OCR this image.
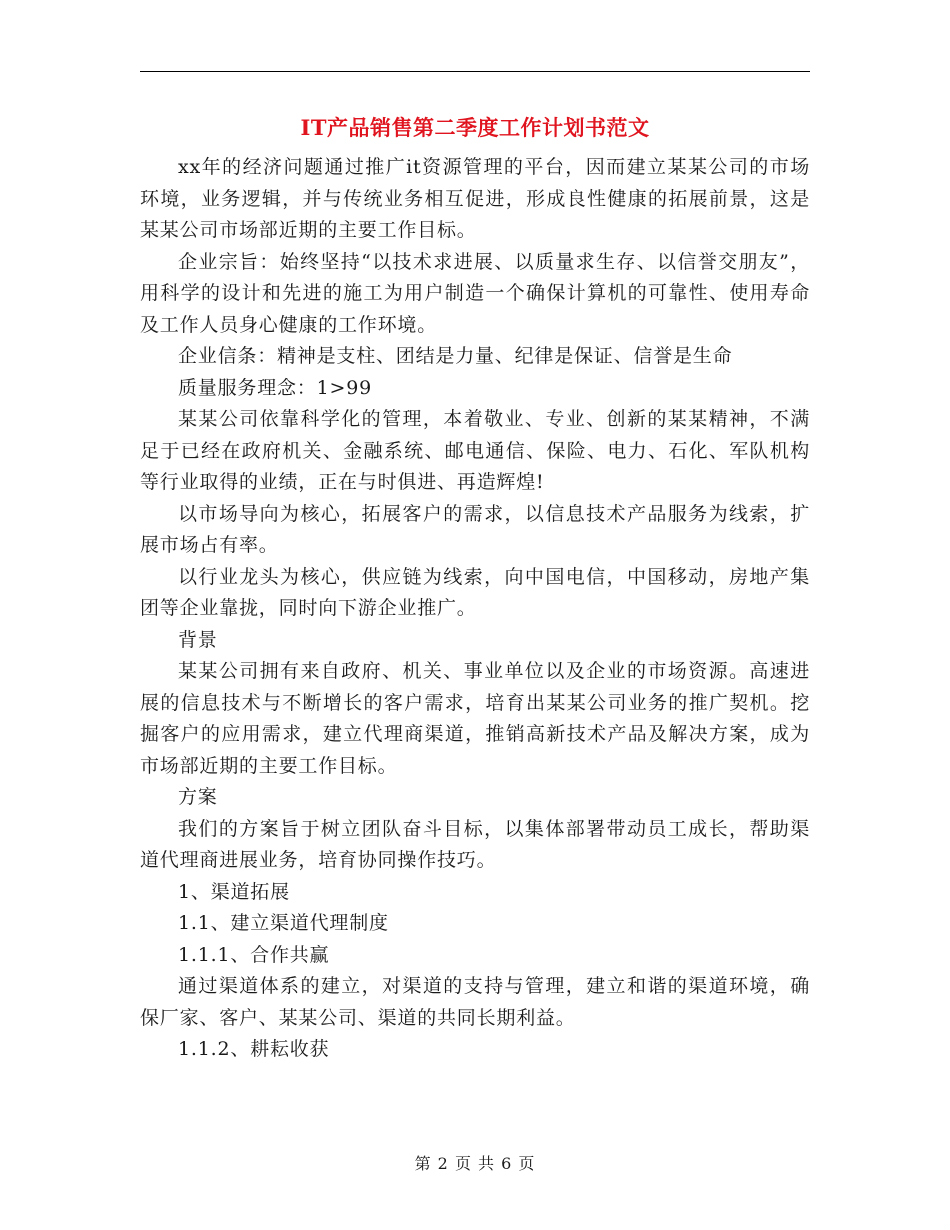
IT产品销售第二季度工作计划书范文

xx年的经济问题通过推广it资源管理的平台，因而建立某某公司的市场环境，业务逻辑，并与传统业务相互促进，形成良性健康的拓展前景，这是某某公司市场部近期的主要工作目标。

企业宗旨：始终坚持“以技术求进展、以质量求生存、以信誉交朋友”，用科学的设计和先进的施工为用户制造一个确保计算机的可靠性、使用寿命及工作人员身心健康的工作环境。

企业信条：精神是支柱、团结是力量、纪律是保证、信誉是生命

质量服务理念：1>99

某某公司依靠科学化的管理，本着敬业、专业、创新的某某精神，不满足于已经在政府机关、金融系统、邮电通信、保险、电力、石化、军队机构等行业取得的业绩，正在与时俱进、再造辉煌!

以市场导向为核心，拓展客户的需求，以信息技术产品服务为线索，扩展市场占有率。

以行业龙头为核心，供应链为线索，向中国电信，中国移动，房地产集团等企业靠拢，同时向下游企业推广。

背景

某某公司拥有来自政府、机关、事业单位以及企业的市场资源。高速进展的信息技术与不断增长的客户需求，培育出某某公司业务的推广契机。挖掘客户的应用需求，建立代理商渠道，推销高新技术产品及解决方案，成为市场部近期的主要工作目标。

方案

我们的方案旨于树立团队奋斗目标，以集体部署带动员工成长，帮助渠道代理商进展业务，培育协同操作技巧。

1、渠道拓展

1.1、建立渠道代理制度

1.1.1、合作共赢

通过渠道体系的建立，对渠道的支持与管理，建立和谐的渠道环境，确保厂家、客户、某某公司、渠道的共同长期利益。

1.1.2、耕耘收获

第 2 页 共 6 页
